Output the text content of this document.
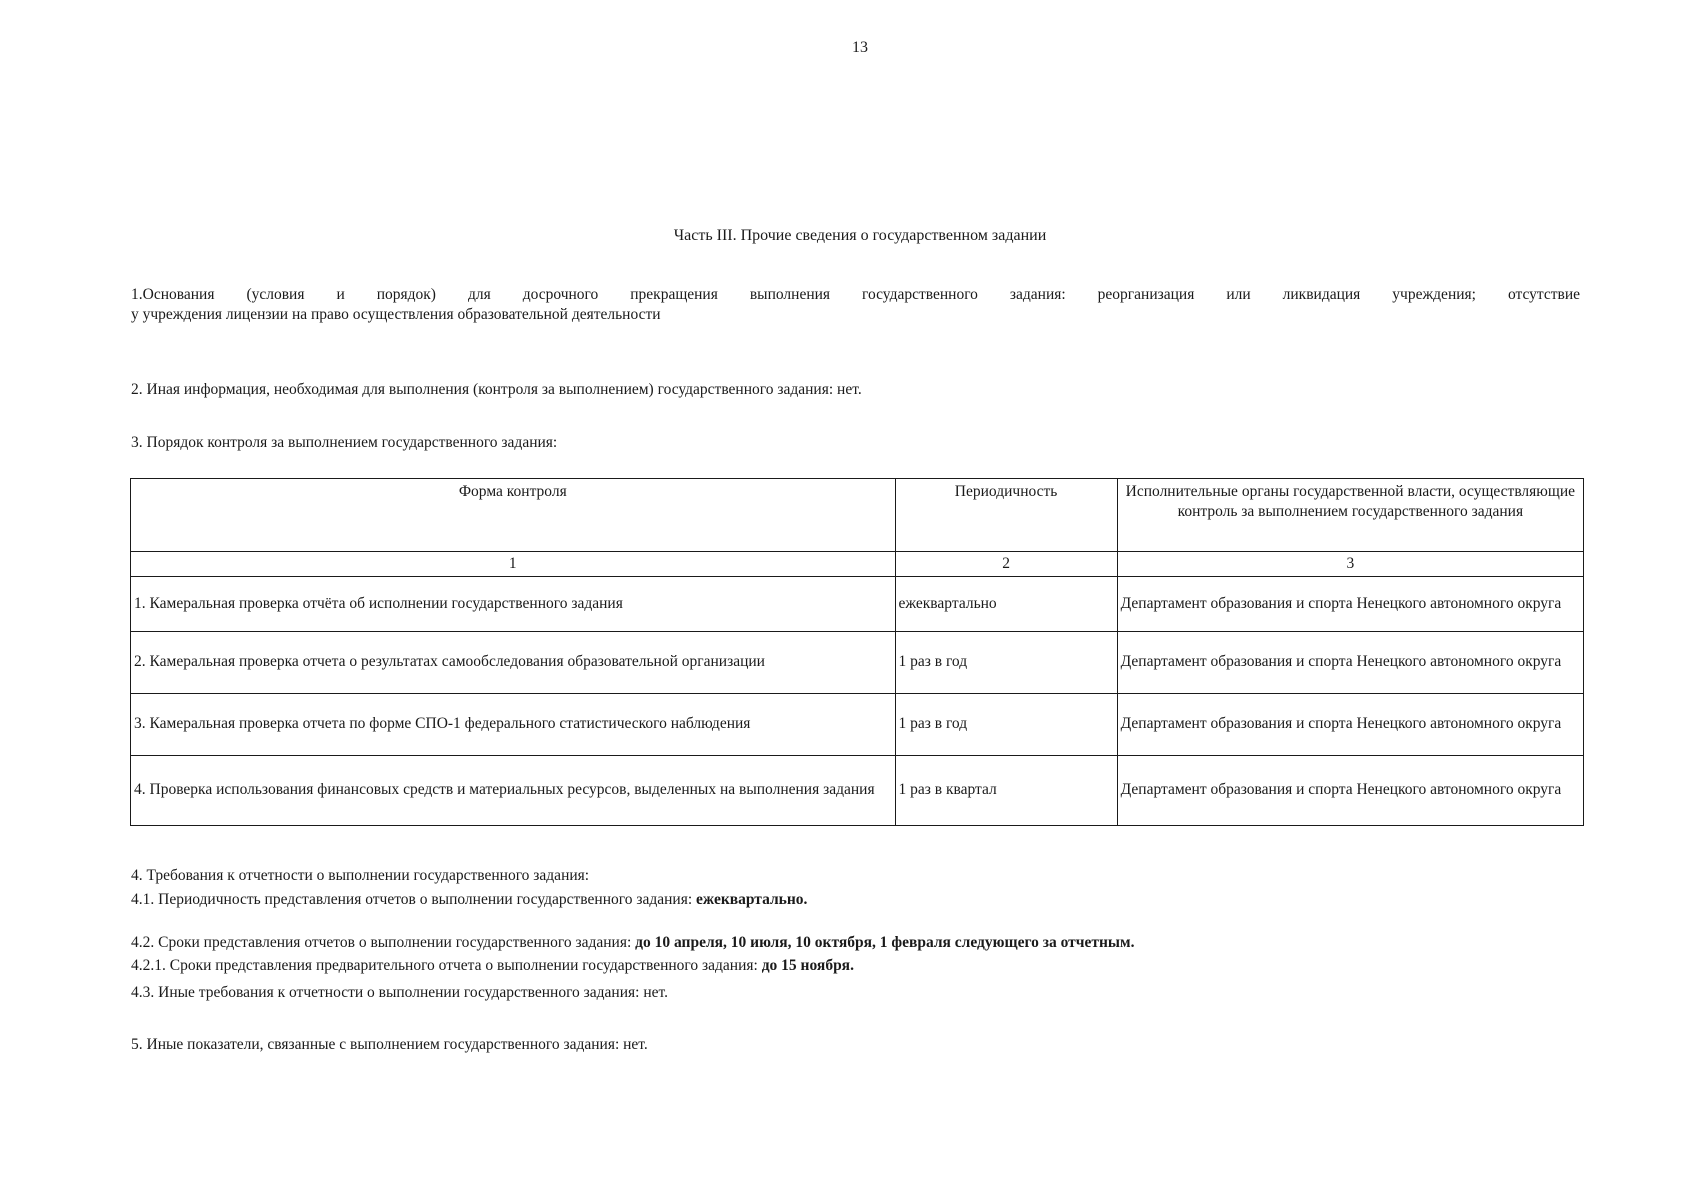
13
Часть III. Прочие сведения о государственном задании
1.Основания (условия и порядок) для досрочного прекращения выполнения государственного задания: реорганизация или ликвидация учреждения; отсутствие
у учреждения лицензии на право осуществления образовательной деятельности
2. Иная информация, необходимая для выполнения (контроля за выполнением) государственного задания: нет.
3. Порядок контроля за выполнением государственного задания:
Форма контроля	Периодичность	Исполнительные органы государственной власти, осуществляющие контроль за выполнением государственного задания
1	2	3
1. Камеральная проверка отчёта об исполнении государственного задания	ежеквартально	Департамент образования и спорта Ненецкого автономного округа
2. Камеральная проверка отчета о результатах самообследования образовательной организации	1 раз в год	Департамент образования и спорта Ненецкого автономного округа
3. Камеральная проверка отчета по форме СПО-1 федерального статистического наблюдения	1 раз в год	Департамент образования и спорта Ненецкого автономного округа
4. Проверка использования финансовых средств и материальных ресурсов, выделенных на выполнения задания	1 раз в квартал	Департамент образования и спорта Ненецкого автономного округа
4. Требования к отчетности о выполнении государственного задания:
4.1. Периодичность представления отчетов о выполнении государственного задания: ежеквартально.
4.2. Сроки представления отчетов о выполнении государственного задания: до 10 апреля, 10 июля, 10 октября, 1 февраля следующего за отчетным.
4.2.1. Сроки представления предварительного отчета о выполнении государственного задания: до 15 ноября.
4.3. Иные требования к отчетности о выполнении государственного задания: нет.
5. Иные показатели, связанные с выполнением государственного задания: нет.
